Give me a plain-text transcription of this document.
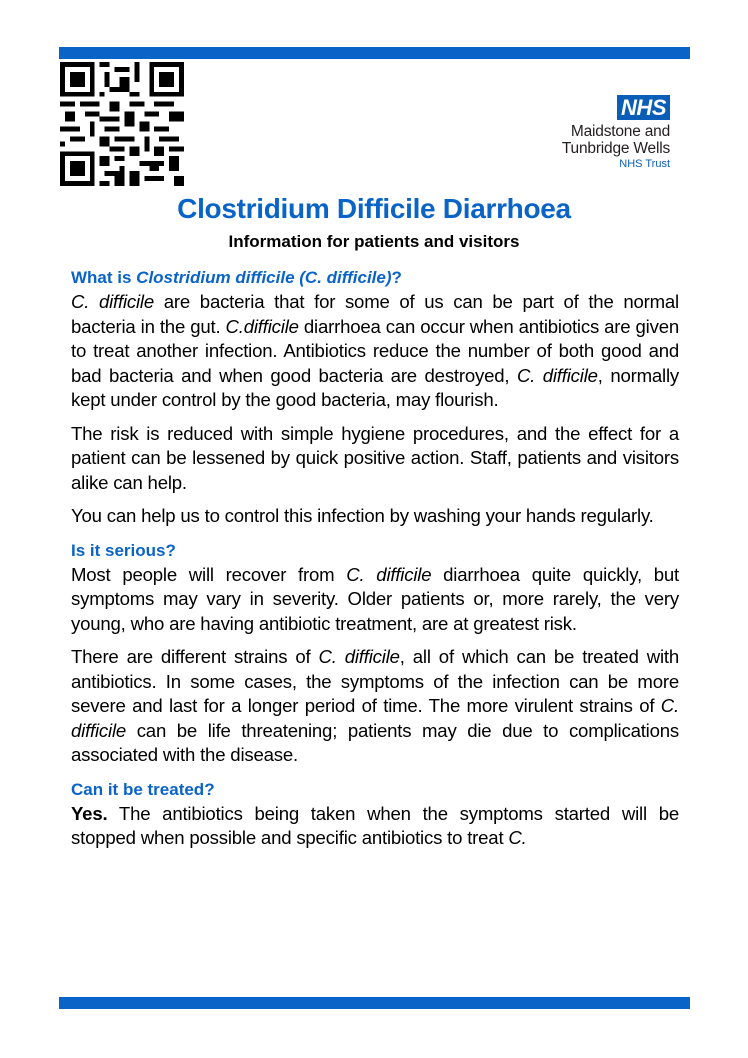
NHS
Maidstone and
Tunbridge Wells
NHS Trust
Clostridium Difficile Diarrhoea
Information for patients and visitors
What is Clostridium difficile (C. difficile)?

C. difficile are bacteria that for some of us can be part of the normal bacteria in the gut. C.difficile diarrhoea can occur when antibiotics are given to treat another infection. Antibiotics reduce the number of both good and bad bacteria and when good bacteria are destroyed, C. difficile, normally kept under control by the good bacteria, may flourish.

The risk is reduced with simple hygiene procedures, and the effect for a patient can be lessened by quick positive action. Staff, patients and visitors alike can help.

You can help us to control this infection by washing your hands regularly.

Is it serious?

Most people will recover from C. difficile diarrhoea quite quickly, but symptoms may vary in severity. Older patients or, more rarely, the very young, who are having antibiotic treatment, are at greatest risk.

There are different strains of C. difficile, all of which can be treated with antibiotics. In some cases, the symptoms of the infection can be more severe and last for a longer period of time. The more virulent strains of C. difficile can be life threatening; patients may die due to complications associated with the disease.

Can it be treated?

Yes. The antibiotics being taken when the symptoms started will be stopped when possible and specific antibiotics to treat C.
